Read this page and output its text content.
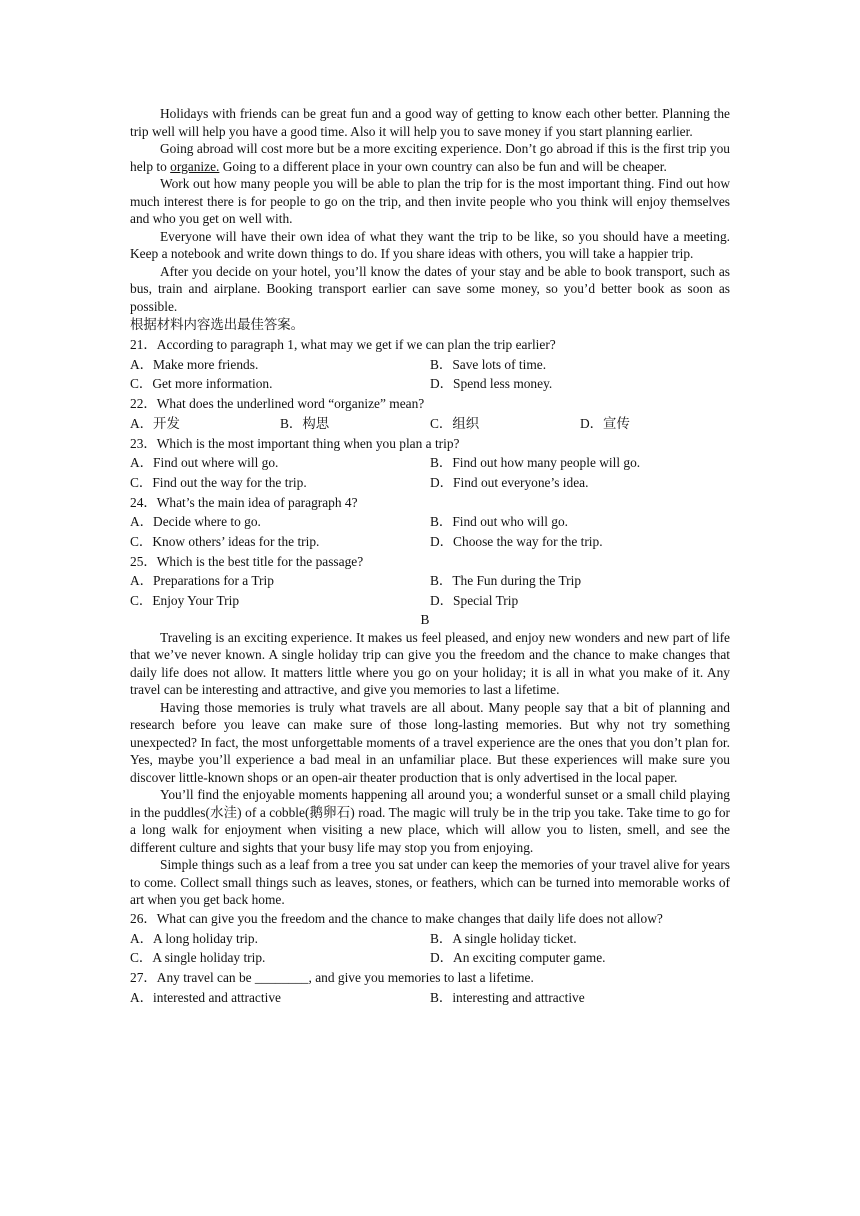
Holidays with friends can be great fun and a good way of getting to know each other better. Planning the trip well will help you have a good time. Also it will help you to save money if you start planning earlier.

Going abroad will cost more but be a more exciting experience. Don’t go abroad if this is the first trip you help to organize. Going to a different place in your own country can also be fun and will be cheaper.

Work out how many people you will be able to plan the trip for is the most important thing. Find out how much interest there is for people to go on the trip, and then invite people who you think will enjoy themselves and who you get on well with.

Everyone will have their own idea of what they want the trip to be like, so you should have a meeting. Keep a notebook and write down things to do. If you share ideas with others, you will take a happier trip.

After you decide on your hotel, you’ll know the dates of your stay and be able to book transport, such as bus, train and airplane. Booking transport earlier can save some money, so you’d better book as soon as possible.

根据材料内容选出最佳答案。

21．According to paragraph 1, what may we get if we can plan the trip earlier?

A．Make more friends.	B．Save lots of time.
C．Get more information.	D．Spend less money.

22．What does the underlined word “organize” mean?

A．开发	B．构思	C．组织	D．宣传

23．Which is the most important thing when you plan a trip?

A．Find out where will go.	B．Find out how many people will go.
C．Find out the way for the trip.	D．Find out everyone’s idea.

24．What’s the main idea of paragraph 4?

A．Decide where to go.	B．Find out who will go.
C．Know others’ ideas for the trip.	D．Choose the way for the trip.

25．Which is the best title for the passage?

A．Preparations for a Trip	B．The Fun during the Trip
C．Enjoy Your Trip	D．Special Trip
B

Traveling is an exciting experience. It makes us feel pleased, and enjoy new wonders and new part of life that we’ve never known. A single holiday trip can give you the freedom and the chance to make changes that daily life does not allow. It matters little where you go on your holiday; it is all in what you make of it. Any travel can be interesting and attractive, and give you memories to last a lifetime.

Having those memories is truly what travels are all about. Many people say that a bit of planning and research before you leave can make sure of those long-lasting memories. But why not try something unexpected? In fact, the most unforgettable moments of a travel experience are the ones that you don’t plan for. Yes, maybe you’ll experience a bad meal in an unfamiliar place. But these experiences will make sure you discover little-known shops or an open-air theater production that is only advertised in the local paper.

You’ll find the enjoyable moments happening all around you; a wonderful sunset or a small child playing in the puddles(水洼) of a cobble(鹅卵石) road. The magic will truly be in the trip you take. Take time to go for a long walk for enjoyment when visiting a new place, which will allow you to listen, smell, and see the different culture and sights that your busy life may stop you from enjoying.

Simple things such as a leaf from a tree you sat under can keep the memories of your travel alive for years to come. Collect small things such as leaves, stones, or feathers, which can be turned into memorable works of art when you get back home.

26．What can give you the freedom and the chance to make changes that daily life does not allow?

A．A long holiday trip.	B．A single holiday ticket.
C．A single holiday trip.	D．An exciting computer game.

27．Any travel can be ________, and give you memories to last a lifetime.

A．interested and attractive	B．interesting and attractive
